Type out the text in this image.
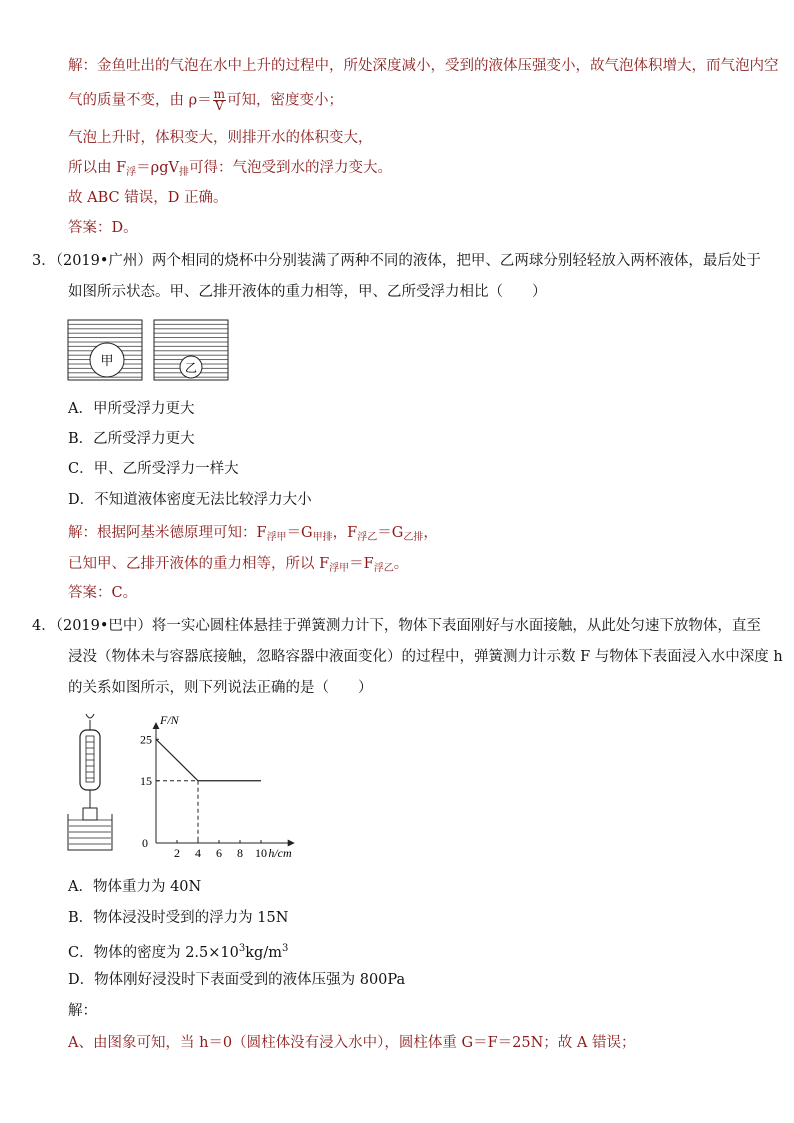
解：金鱼吐出的气泡在水中上升的过程中，所处深度减小，受到的液体压强变小，故气泡体积增大，而气泡内空
气的质量不变，由 $\rho= \frac{m}{V}$ 可知，密度变小；
气泡上升时，体积变大，则排开水的体积变大，
所以由 $F_浮=\rho gV_排$可得：气泡受到水的浮力变大。
故 ABC 错误，D 正确。
答案：D。
3．（2019•广州）两个相同的烧杯中分别装满了两种不同的液体，把甲、乙两球分别轻轻放入两杯液体，最后处于
如图所示状态。甲、乙排开液体的重力相等，甲、乙所受浮力相比（　　）
甲	乙
A．甲所受浮力更大
B．乙所受浮力更大
C．甲、乙所受浮力一样大
D．不知道液体密度无法比较浮力大小
解：根据阿基米德原理可知：$F_{浮甲}=G_{甲排}$，$F_{浮乙}=G_{乙排}$，
已知甲、乙排开液体的重力相等，所以 $F_{浮甲}=F_{浮乙}$。
答案：C。
4．（2019•巴中）将一实心圆柱体悬挂于弹簧测力计下，物体下表面刚好与水面接触，从此处匀速下放物体，直至
浸没（物体未与容器底接触，忽略容器中液面变化）的过程中，弹簧测力计示数 F 与物体下表面浸入水中深度 h
的关系如图所示，则下列说法正确的是（　　）
F/N
h/cm
0
2 4 6 8 10
25
15
A．物体重力为 40N
B．物体浸没时受到的浮力为 15N
C．物体的密度为 $2.5\times 10^3kg/m^3$
D．物体刚好浸没时下表面受到的液体压强为 800Pa
解：
A、由图象可知，当 h＝0（圆柱体没有浸入水中），圆柱体重 G＝F＝25N；故 A 错误；
